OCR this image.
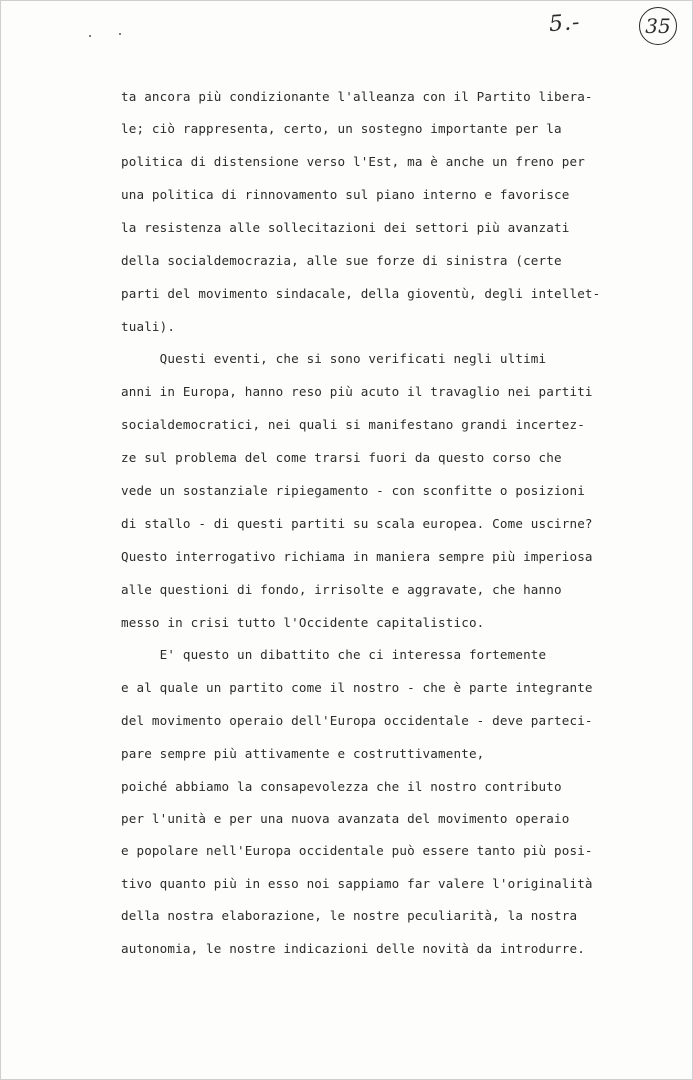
5.-	35
ta ancora più condizionante l'alleanza con il Partito libera-
le; ciò rappresenta, certo, un sostegno importante per la
politica di distensione verso l'Est, ma è anche un freno per
una politica di rinnovamento sul piano interno e favorisce
la resistenza alle sollecitazioni dei settori più avanzati
della socialdemocrazia, alle sue forze di sinistra (certe
parti del movimento sindacale, della gioventù, degli intellet-
tuali).
Questi eventi, che si sono verificati negli ultimi
anni in Europa, hanno reso più acuto il travaglio nei partiti
socialdemocratici, nei quali si manifestano grandi incertez-
ze sul problema del come trarsi fuori da questo corso che
vede un sostanziale ripiegamento - con sconfitte o posizioni
di stallo - di questi partiti su scala europea. Come uscirne?
Questo interrogativo richiama in maniera sempre più imperiosa
alle questioni di fondo, irrisolte e aggravate, che hanno
messo in crisi tutto l'Occidente capitalistico.
E' questo un dibattito che ci interessa fortemente
e al quale un partito come il nostro - che è parte integrante
del movimento operaio dell'Europa occidentale - deve parteci-
pare sempre più attivamente e costruttivamente,
poiché abbiamo la consapevolezza che il nostro contributo
per l'unità e per una nuova avanzata del movimento operaio
e popolare nell'Europa occidentale può essere tanto più posi-
tivo quanto più in esso noi sappiamo far valere l'originalità
della nostra elaborazione, le nostre peculiarità, la nostra
autonomia, le nostre indicazioni delle novità da introdurre.
